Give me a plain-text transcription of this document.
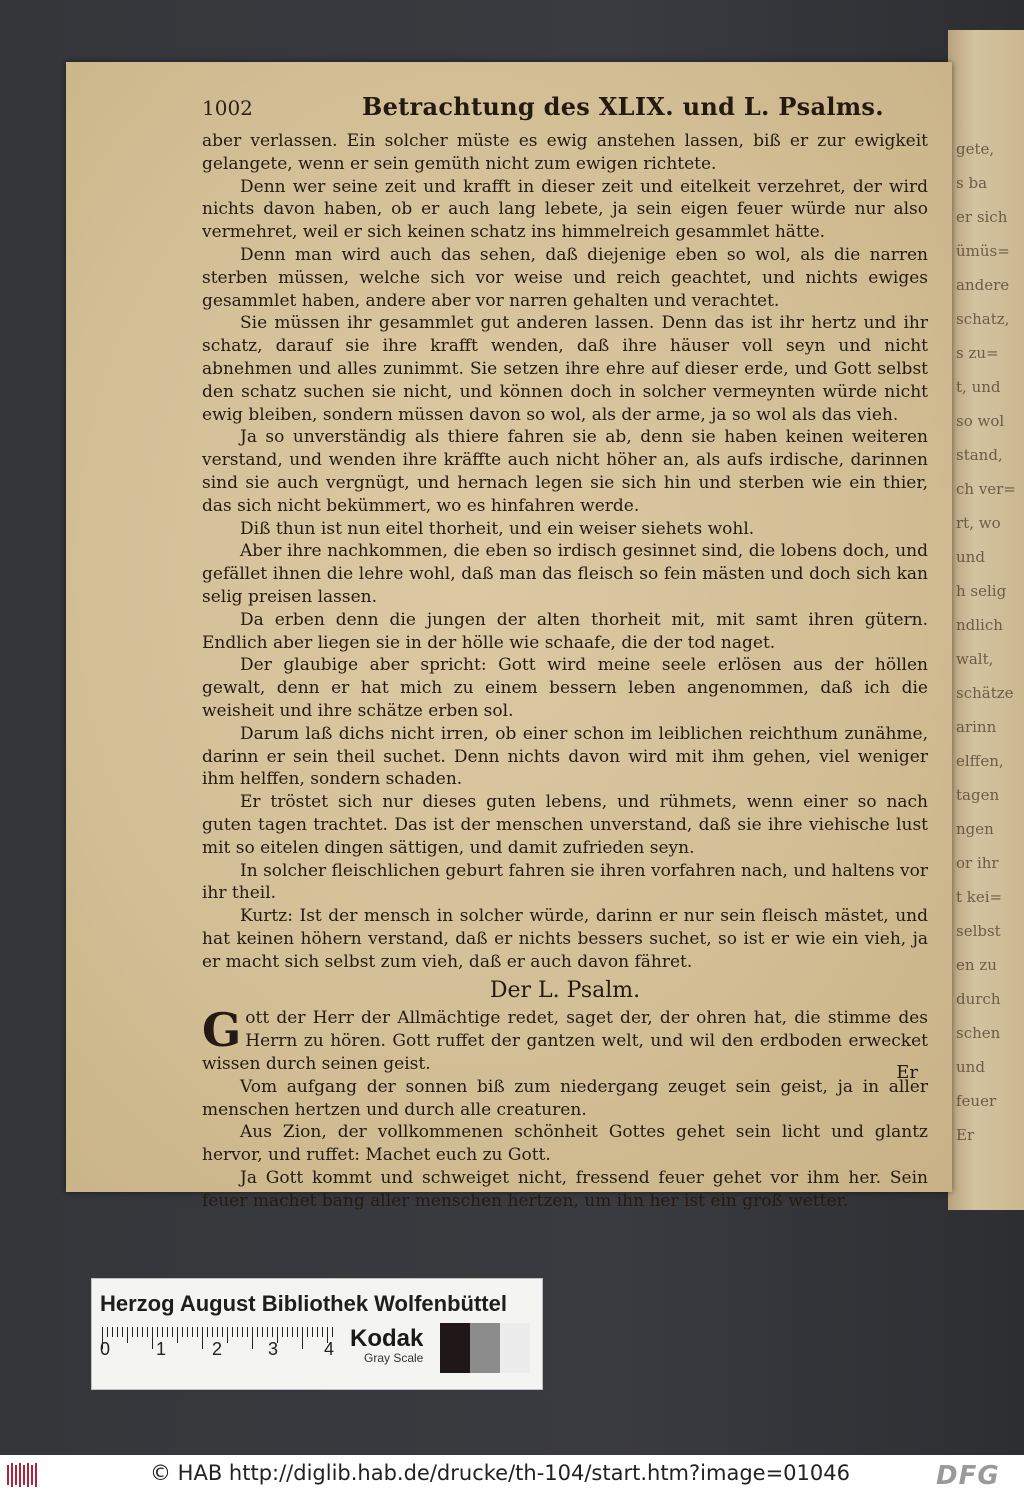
gete,
s ba
er sich
ümüs=
andere
schatz,
s zu=
t, und
so wol
stand,
ch ver=
rt, wo
und
h selig
ndlich
walt,
schätze
arinn
elffen,
tagen
ngen
or ihr
t kei=
selbst
en zu
durch
schen
und
feuer
Er
1002	Betrachtung des XLIX. und L. Psalms.

aber verlassen. Ein solcher müste es ewig anstehen lassen, biß er zur ewigkeit gelangete, wenn er sein gemüth nicht zum ewigen richtete.

Denn wer seine zeit und krafft in dieser zeit und eitelkeit verzehret, der wird nichts davon haben, ob er auch lang lebete, ja sein eigen feuer würde nur also vermehret, weil er sich keinen schatz ins himmelreich gesammlet hätte.

Denn man wird auch das sehen, daß diejenige eben so wol, als die narren sterben müssen, welche sich vor weise und reich geachtet, und nichts ewiges gesammlet haben, andere aber vor narren gehalten und verachtet.

Sie müssen ihr gesammlet gut anderen lassen. Denn das ist ihr hertz und ihr schatz, darauf sie ihre krafft wenden, daß ihre häuser voll seyn und nicht abnehmen und alles zunimmt. Sie setzen ihre ehre auf dieser erde, und Gott selbst den schatz suchen sie nicht, und können doch in solcher vermeynten würde nicht ewig bleiben, sondern müssen davon so wol, als der arme, ja so wol als das vieh.

Ja so unverständig als thiere fahren sie ab, denn sie haben keinen weiteren verstand, und wenden ihre kräffte auch nicht höher an, als aufs irdische, darinnen sind sie auch vergnügt, und hernach legen sie sich hin und sterben wie ein thier, das sich nicht bekümmert, wo es hinfahren werde.

Diß thun ist nun eitel thorheit, und ein weiser siehets wohl.

Aber ihre nachkommen, die eben so irdisch gesinnet sind, die lobens doch, und gefället ihnen die lehre wohl, daß man das fleisch so fein mästen und doch sich kan selig preisen lassen.

Da erben denn die jungen der alten thorheit mit, mit samt ihren gütern. Endlich aber liegen sie in der hölle wie schaafe, die der tod naget.

Der glaubige aber spricht: Gott wird meine seele erlösen aus der höllen gewalt, denn er hat mich zu einem bessern leben angenommen, daß ich die weisheit und ihre schätze erben sol.

Darum laß dichs nicht irren, ob einer schon im leiblichen reichthum zunähme, darinn er sein theil suchet. Denn nichts davon wird mit ihm gehen, viel weniger ihm helffen, sondern schaden.

Er tröstet sich nur dieses guten lebens, und rühmets, wenn einer so nach guten tagen trachtet. Das ist der menschen unverstand, daß sie ihre viehische lust mit so eitelen dingen sättigen, und damit zufrieden seyn.

In solcher fleischlichen geburt fahren sie ihren vorfahren nach, und haltens vor ihr theil.

Kurtz: Ist der mensch in solcher würde, darinn er nur sein fleisch mästet, und hat keinen höhern verstand, daß er nichts bessers suchet, so ist er wie ein vieh, ja er macht sich selbst zum vieh, daß er auch davon fähret.

Der L. Psalm.

Gott der Herr der Allmächtige redet, saget der, der ohren hat, die stimme des Herrn zu hören. Gott ruffet der gantzen welt, und wil den erdboden erwecket wissen durch seinen geist.

Vom aufgang der sonnen biß zum niedergang zeuget sein geist, ja in aller menschen hertzen und durch alle creaturen.

Aus Zion, der vollkommenen schönheit Gottes gehet sein licht und glantz hervor, und ruffet: Machet euch zu Gott.

Ja Gott kommt und schweiget nicht, fressend feuer gehet vor ihm her. Sein feuer machet bang aller menschen hertzen, um ihn her ist ein groß wetter.

Er
Herzog August Bibliothek Wolfenbüttel
0	1	2	3	4 Kodak
Gray Scale
© HAB http://diglib.hab.de/drucke/th-104/start.htm?image=01046	DFG
